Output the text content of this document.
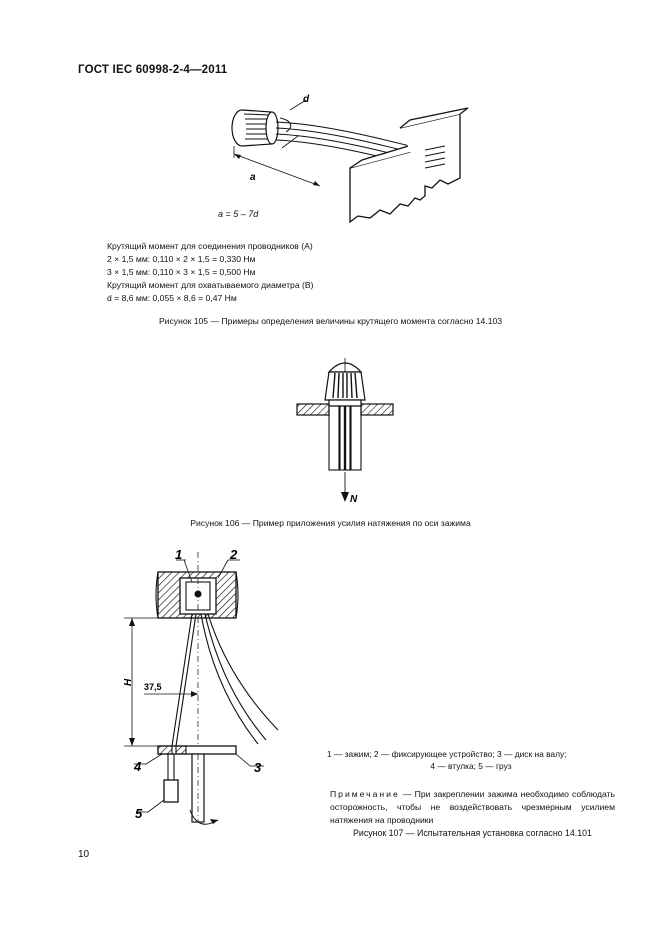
ГОСТ IEC 60998-2-4—2011
d
a
a = 5 – 7d
Крутящий момент для соединения проводников (А)
2 × 1,5 мм: 0,110 × 2 × 1,5 = 0,330 Нм
3 × 1,5 мм: 0,110 × 3 × 1,5 = 0,500 Нм
Крутящий момент для охватываемого диаметра (В)
d = 8,6 мм: 0,055 × 8,6 = 0,47 Нм
Рисунок 105 — Примеры определения величины крутящего момента согласно 14.103
N
Рисунок 106 — Пример приложения усилия натяжения по оси зажима
1	2
H 37,5
3
4
5
1 — зажим; 2 — фиксирующее устройство; 3 — диск на валу;
4 — втулка; 5 — груз
Примечание — При закреплении зажима необходимо соблюдать осторожность, чтобы не воздействовать чрезмерным усилием натяжения на проводники
Рисунок 107 — Испытательная установка согласно 14.101
10
